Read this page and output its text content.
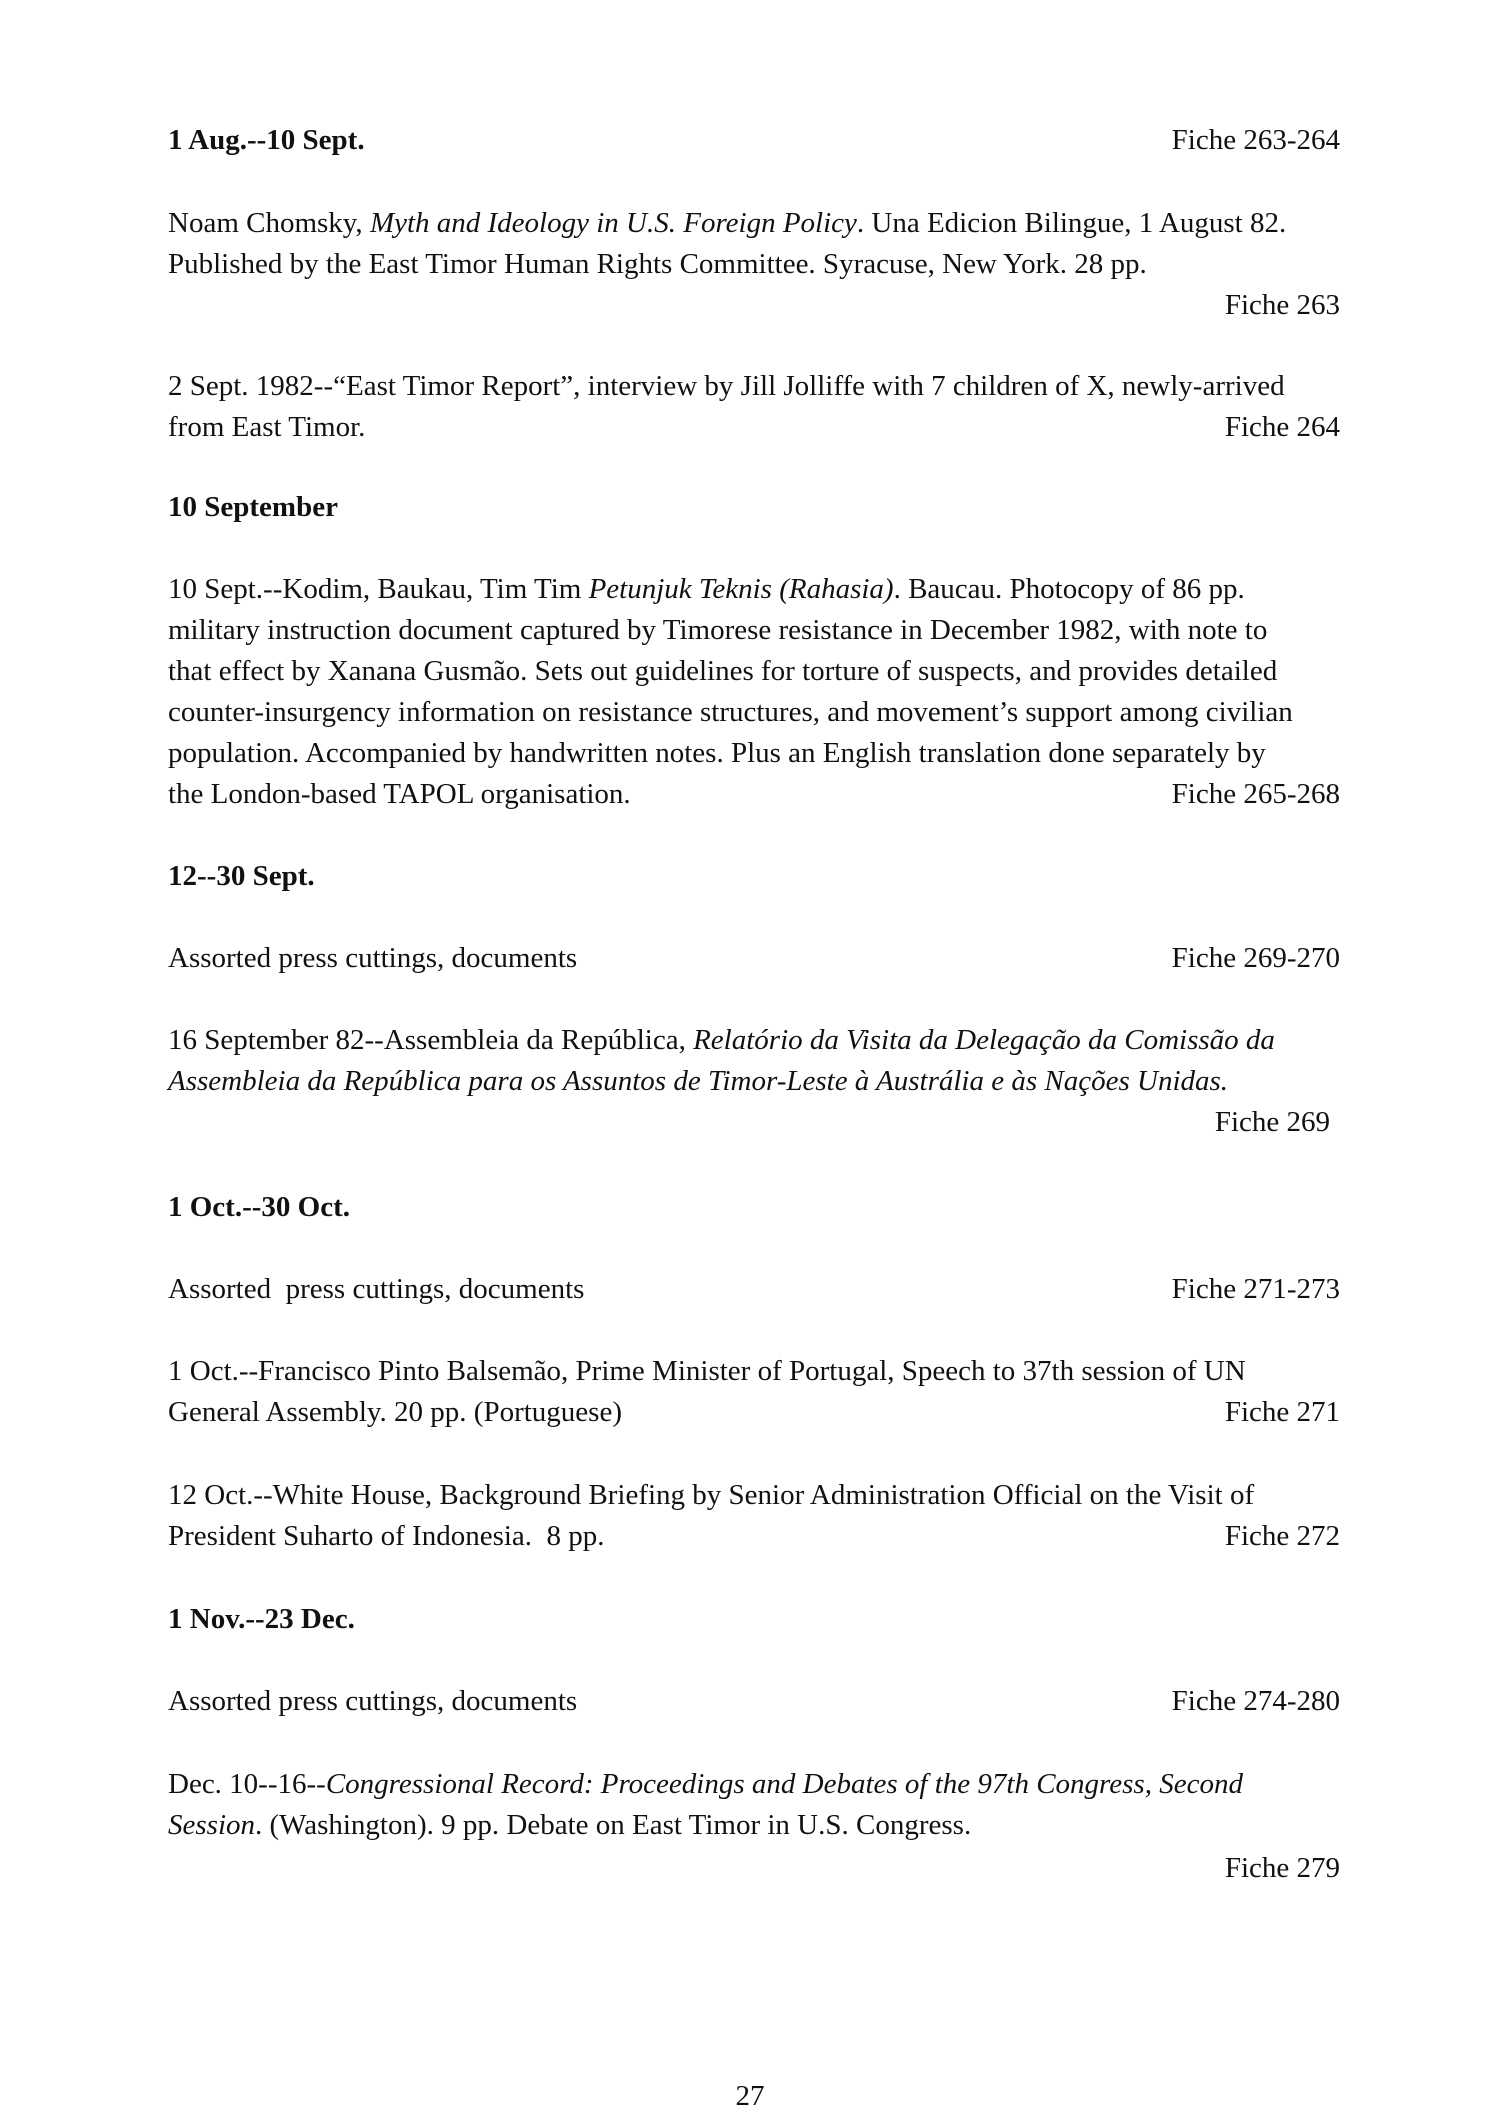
1 Aug.--10 Sept.	Fiche 263-264
Noam Chomsky, Myth and Ideology in U.S. Foreign Policy. Una Edicion Bilingue, 1 August 82.
Published by the East Timor Human Rights Committee. Syracuse, New York. 28 pp.
Fiche 263
2 Sept. 1982--“East Timor Report”, interview by Jill Jolliffe with 7 children of X, newly-arrived
from East Timor.	Fiche 264
10 September
10 Sept.--Kodim, Baukau, Tim Tim Petunjuk Teknis (Rahasia). Baucau. Photocopy of 86 pp.
military instruction document captured by Timorese resistance in December 1982, with note to
that effect by Xanana Gusmão. Sets out guidelines for torture of suspects, and provides detailed
counter-insurgency information on resistance structures, and movement’s support among civilian
population. Accompanied by handwritten notes. Plus an English translation done separately by
the London-based TAPOL organisation.	Fiche 265-268
12--30 Sept.
Assorted press cuttings, documents	Fiche 269-270
16 September 82--Assembleia da República, Relatório da Visita da Delegação da Comissão da
Assembleia da República para os Assuntos de Timor-Leste à Austrália e às Nações Unidas.
Fiche 269
1 Oct.--30 Oct.
Assorted  press cuttings, documents	Fiche 271-273
1 Oct.--Francisco Pinto Balsemão, Prime Minister of Portugal, Speech to 37th session of UN
General Assembly. 20 pp. (Portuguese)	Fiche 271
12 Oct.--White House, Background Briefing by Senior Administration Official on the Visit of
President Suharto of Indonesia.  8 pp.	Fiche 272
1 Nov.--23 Dec.
Assorted press cuttings, documents	Fiche 274-280
Dec. 10--16--Congressional Record: Proceedings and Debates of the 97th Congress, Second
Session. (Washington). 9 pp. Debate on East Timor in U.S. Congress.
Fiche 279
27
